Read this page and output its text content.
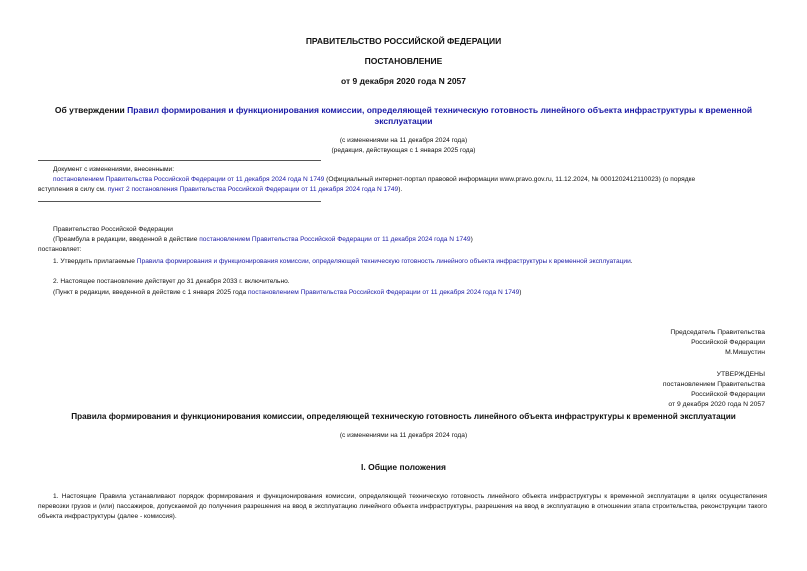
ПРАВИТЕЛЬСТВО РОССИЙСКОЙ ФЕДЕРАЦИИ
ПОСТАНОВЛЕНИЕ
от 9 декабря 2020 года N 2057
Об утверждении Правил формирования и функционирования комиссии, определяющей техническую готовность линейного объекта инфраструктуры к временной
эксплуатации
(с изменениями на 11 декабря 2024 года)
(редакция, действующая с 1 января 2025 года)
Документ с изменениями, внесенными:
постановлением Правительства Российской Федерации от 11 декабря 2024 года N 1749 (Официальный интернет-портал правовой информации www.pravo.gov.ru, 11.12.2024, № 0001202412110023) (о порядке
вступления в силу см. пункт 2 постановления Правительства Российской Федерации от 11 декабря 2024 года N 1749).
Правительство Российской Федерации
(Преамбула в редакции, введенной в действие постановлением Правительства Российской Федерации от 11 декабря 2024 года N 1749)
постановляет:
1. Утвердить прилагаемые Правила формирования и функционирования комиссии, определяющей техническую готовность линейного объекта инфраструктуры к временной эксплуатации.
2. Настоящее постановление действует до 31 декабря 2033 г. включительно.
(Пункт в редакции, введенной в действие с 1 января 2025 года постановлением Правительства Российской Федерации от 11 декабря 2024 года N 1749)
Председатель Правительства
Российской Федерации
М.Мишустин
УТВЕРЖДЕНЫ
постановлением Правительства
Российской Федерации
от 9 декабря 2020 года N 2057
Правила формирования и функционирования комиссии, определяющей техническую готовность линейного объекта инфраструктуры к временной эксплуатации
(с изменениями на 11 декабря 2024 года)
I. Общие положения
1. Настоящие Правила устанавливают порядок формирования и функционирования комиссии, определяющей техническую готовность линейного объекта инфраструктуры к временной эксплуатации в целях осуществления перевозки грузов и (или) пассажиров, допускаемой до получения разрешения на ввод в эксплуатацию линейного объекта инфраструктуры, разрешения на ввод в эксплуатацию в отношении этапа строительства, реконструкции такого объекта инфраструктуры (далее - комиссия).
